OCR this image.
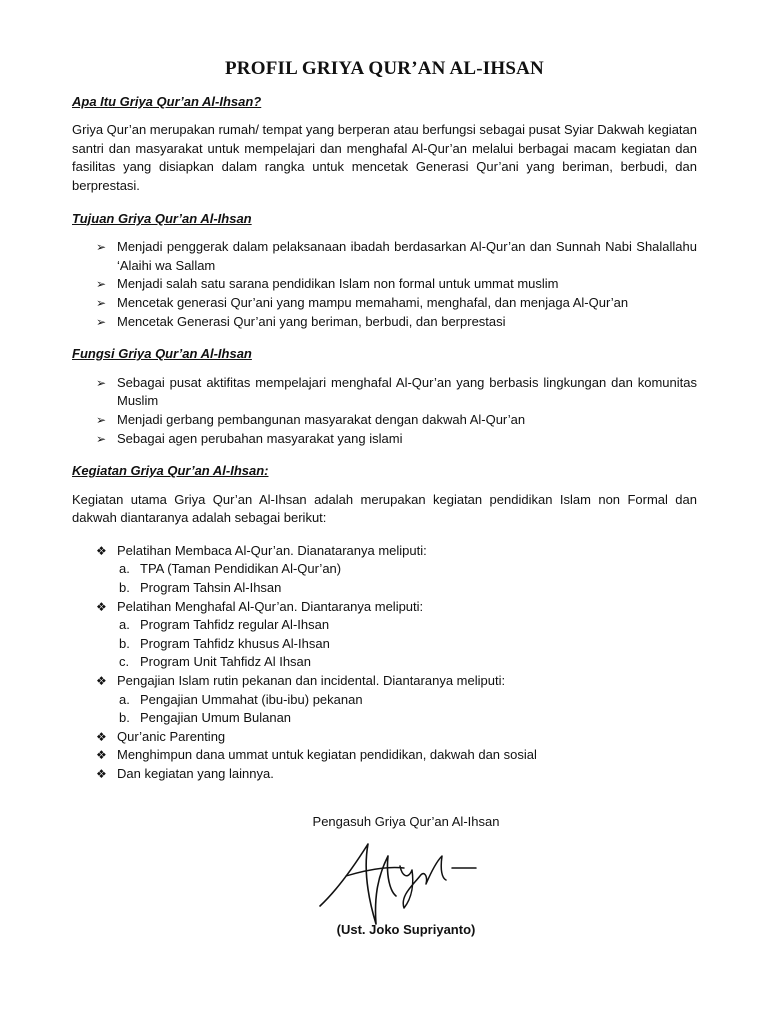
PROFIL GRIYA QUR’AN AL-IHSAN
Apa Itu Griya Qur’an Al-Ihsan?

Griya Qur’an merupakan rumah/ tempat yang berperan atau berfungsi sebagai pusat Syiar Dakwah kegiatan santri dan masyarakat untuk mempelajari dan menghafal Al-Qur’an melalui berbagai macam kegiatan dan fasilitas yang disiapkan dalam rangka untuk mencetak Generasi Qur’ani yang beriman, berbudi, dan berprestasi.

Tujuan Griya Qur’an Al-Ihsan
➢ Menjadi penggerak dalam pelaksanaan ibadah berdasarkan Al-Qur’an dan Sunnah Nabi Shalallahu ‘Alaihi wa Sallam
➢ Menjadi salah satu sarana pendidikan Islam non formal untuk ummat muslim
➢ Mencetak generasi Qur’ani yang mampu memahami, menghafal, dan menjaga Al-Qur’an
➢ Mencetak Generasi Qur’ani yang beriman, berbudi, dan berprestasi
Fungsi Griya Qur’an Al-Ihsan
➢ Sebagai pusat aktifitas mempelajari menghafal Al-Qur’an yang berbasis lingkungan dan komunitas Muslim
➢ Menjadi gerbang pembangunan masyarakat dengan dakwah Al-Qur’an
➢ Sebagai agen perubahan masyarakat yang islami
Kegiatan Griya Qur’an Al-Ihsan:

Kegiatan utama Griya Qur’an Al-Ihsan adalah merupakan kegiatan pendidikan Islam non Formal dan dakwah diantaranya adalah sebagai berikut:

❖ Pelatihan Membaca Al-Qur’an. Dianataranya meliputi:
a. TPA (Taman Pendidikan Al-Qur’an)
b. Program Tahsin Al-Ihsan
❖ Pelatihan Menghafal Al-Qur’an. Diantaranya meliputi:
a. Program Tahfidz regular Al-Ihsan
b. Program Tahfidz khusus Al-Ihsan
c. Program Unit Tahfidz Al Ihsan
❖ Pengajian Islam rutin pekanan dan incidental. Diantaranya meliputi:
a. Pengajian Ummahat (ibu-ibu) pekanan
b. Pengajian Umum Bulanan
❖ Qur’anic Parenting
❖ Menghimpun dana ummat untuk kegiatan pendidikan, dakwah dan sosial
❖ Dan kegiatan yang lainnya.
Pengasuh Griya Qur’an Al-Ihsan
(Ust. Joko Supriyanto)
